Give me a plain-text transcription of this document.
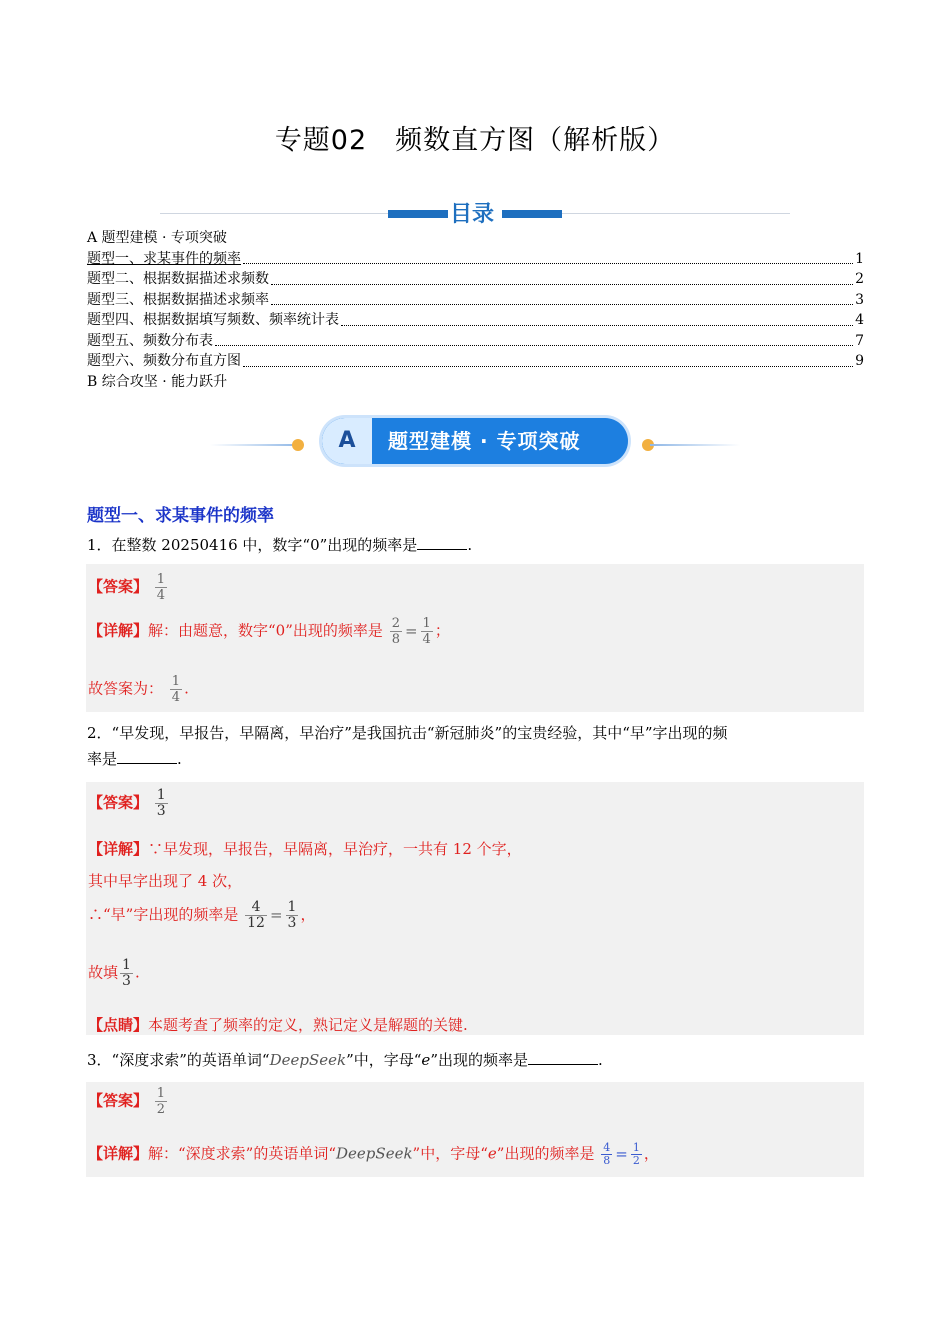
专题02　频数直方图（解析版）
目录
A 题型建模 · 专项突破
题型一、求某事件的频率	1
题型二、根据数据描述求频数	2
题型三、根据数据描述求频率	3
题型四、根据数据填写频数、频率统计表	4
题型五、频数分布表	7
题型六、频数分布直方图	9
B 综合攻坚 · 能力跃升
A	题型建模 · 专项突破
题型一、求某事件的频率
1．在整数 20250416 中，数字“0”出现的频率是	.
【答案】 $\frac{1}{4}$
【详解】解：由题意，数字“0”出现的频率是 $\frac{2}{8} = \frac{1}{4}$ ；
故答案为： $\frac{1}{4}$ .
2．“早发现，早报告，早隔离，早治疗”是我国抗击“新冠肺炎”的宝贵经验，其中“早”字出现的频
率是	.
【答案】 $\frac{1}{3}$
【详解】∵早发现，早报告，早隔离，早治疗，一共有 12 个字，
其中早字出现了 4 次，
∴“早”字出现的频率是 $\frac{4}{12} = \frac{1}{3}$ ，
故填 $\frac{1}{3}$ .
【点睛】本题考查了频率的定义，熟记定义是解题的关键.
3．“深度求索”的英语单词“DeepSeek”中，字母“e”出现的频率是	.
【答案】 $\frac{1}{2}$
【详解】解：“深度求索”的英语单词“DeepSeek”中，字母“e”出现的频率是 $\frac{4}{8} = \frac{1}{2}$ ，
